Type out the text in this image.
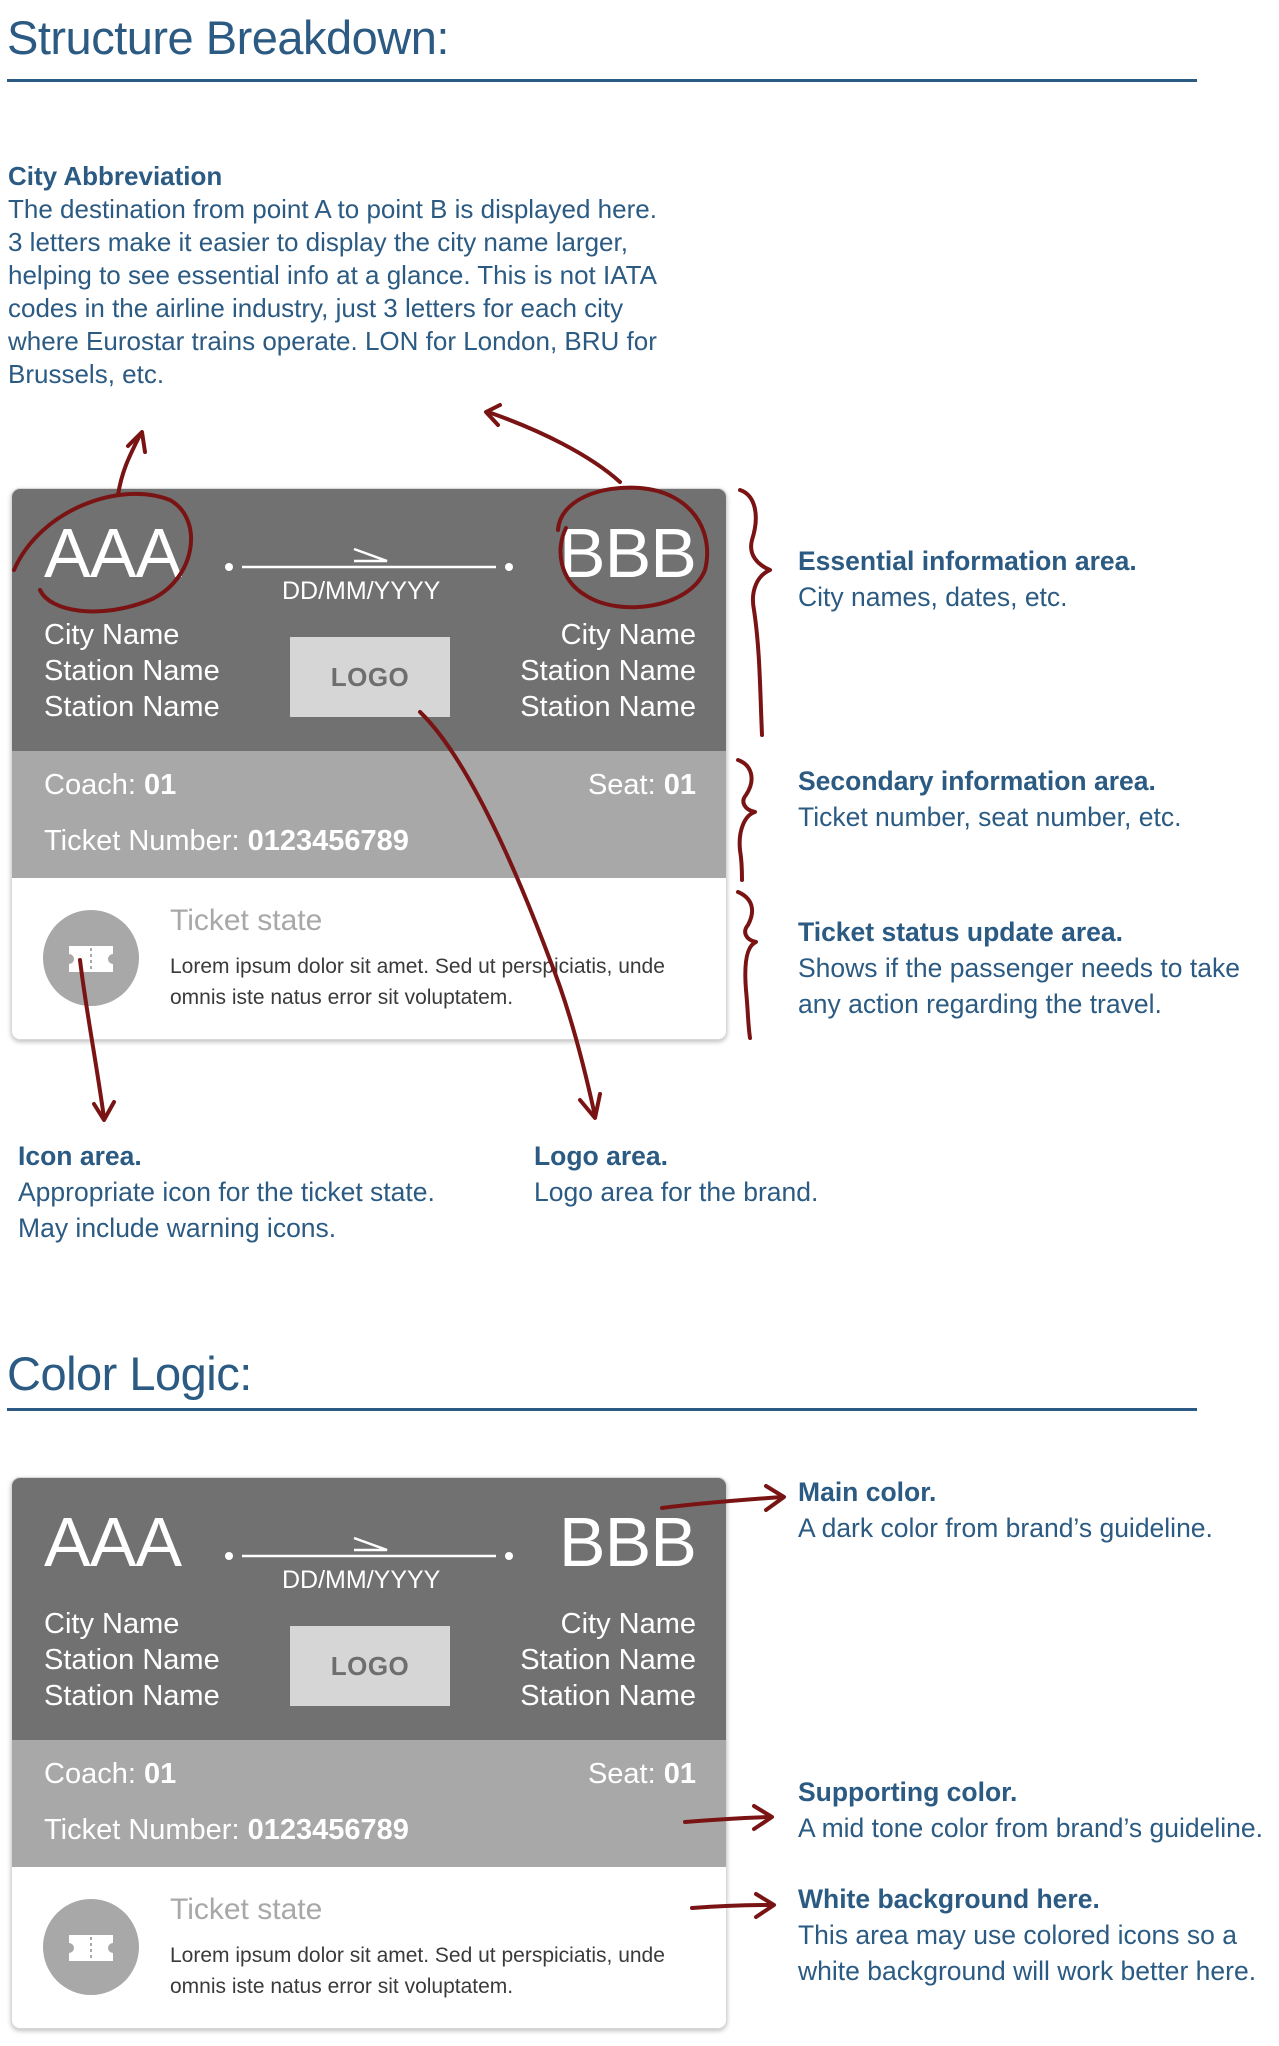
Structure Breakdown:
City Abbreviation
The destination from point A to point B is displayed here. 3 letters make it easier to display the city name larger, helping to see essential info at a glance. This is not IATA codes in the airline industry, just 3 letters for each city where Eurostar trains operate. LON for London, BRU for Brussels, etc.
AAA	BBB
DD/MM/YYYY
City Name
Station Name
Station Name
City Name
Station Name
Station Name
LOGO
Coach: 01	Seat: 01
Ticket Number: 0123456789
Ticket state
Lorem ipsum dolor sit amet. Sed ut perspiciatis, unde omnis iste natus error sit voluptatem.
Essential information area.
City names, dates, etc.
Secondary information area.
Ticket number, seat number, etc.
Ticket status update area.
Shows if the passenger needs to take any action regarding the travel.
Icon area.
Appropriate icon for the ticket state. May include warning icons.
Logo area.
Logo area for the brand.
Color Logic:
AAA	BBB
DD/MM/YYYY
City Name
Station Name
Station Name
City Name
Station Name
Station Name
LOGO
Coach: 01	Seat: 01
Ticket Number: 0123456789
Ticket state
Lorem ipsum dolor sit amet. Sed ut perspiciatis, unde omnis iste natus error sit voluptatem.
Main color.
A dark color from brand’s guideline.
Supporting color.
A mid tone color from brand’s guideline.
White background here.
This area may use colored icons so a white background will work better here.
